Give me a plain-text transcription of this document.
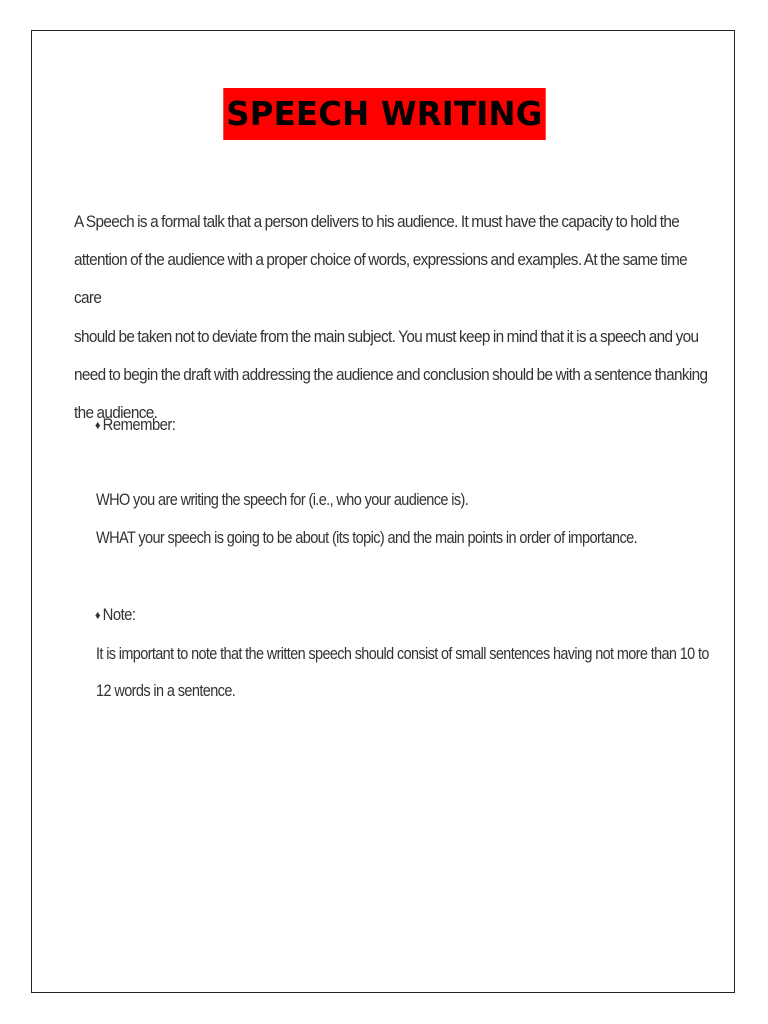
SPEECH WRITING
A Speech is a formal talk that a person delivers to his audience. It must have the capacity to hold the
attention of the audience with a proper choice of words, expressions and examples. At the same time care
should be taken not to deviate from the main subject. You must keep in mind that it is a speech and you
need to begin the draft with addressing the audience and conclusion should be with a sentence thanking
the audience.
♦ Remember:
WHO you are writing the speech for (i.e., who your audience is).
WHAT your speech is going to be about (its topic) and the main points in order of importance.
♦ Note:
It is important to note that the written speech should consist of small sentences having not more than 10 to
12 words in a sentence.
